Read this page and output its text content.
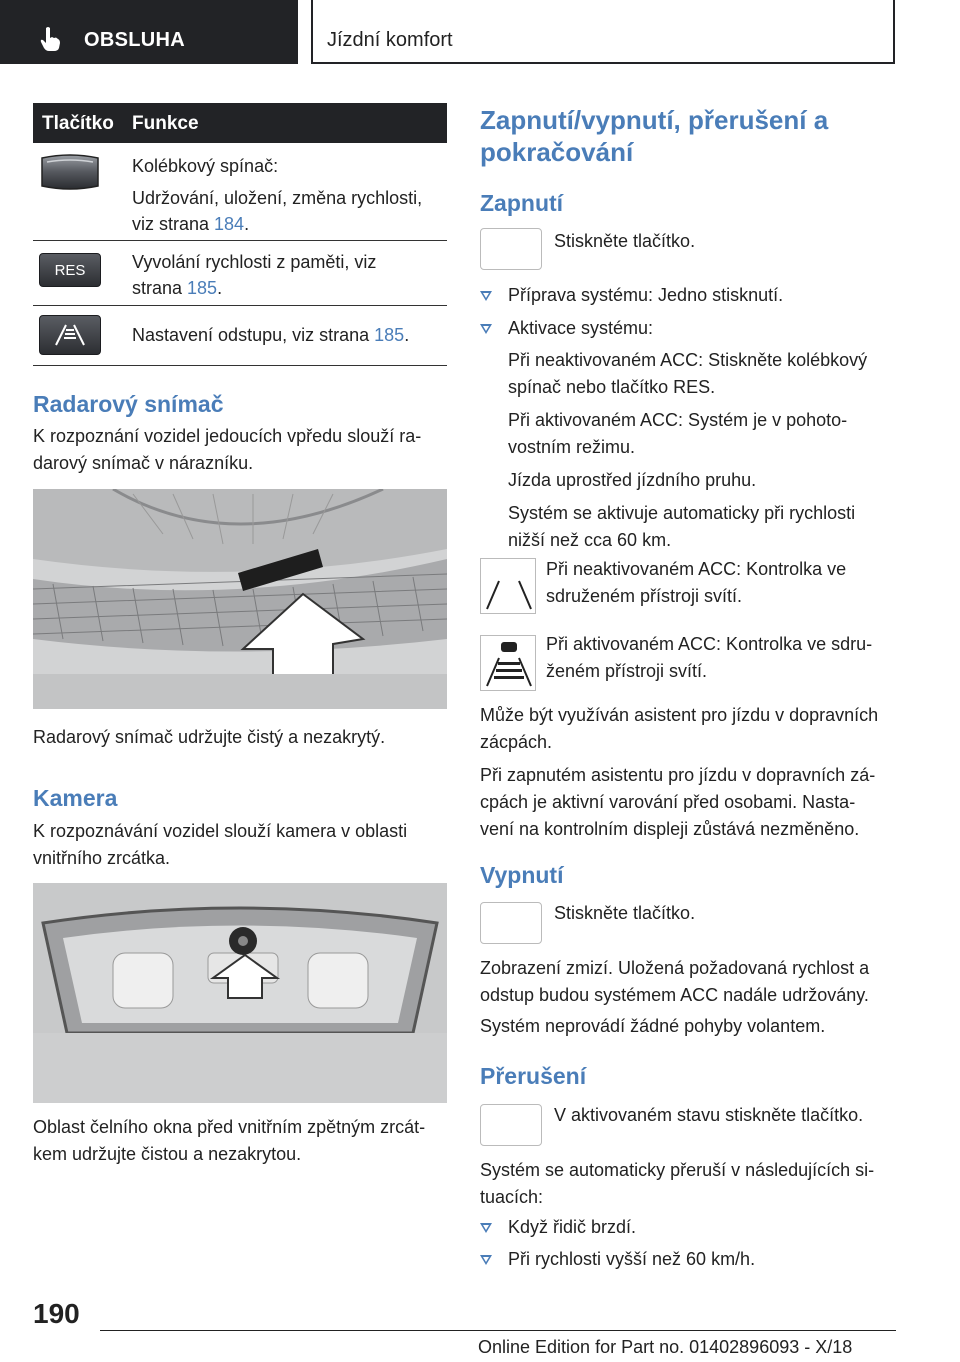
OBSLUHA	Jízdní komfort
Tlačítko Funkce
Kolébkový spínač:
Udržování, uložení, změna rychlosti,
viz strana 184.
RES	Vyvolání rychlosti z paměti, viz
strana 185.
Nastavení odstupu, viz strana 185.
Radarový snímač
K rozpoznání vozidel jedoucích vpředu slouží ra-
darový snímač v nárazníku.
Radarový snímač udržujte čistý a nezakrytý.
Kamera
K rozpoznávání vozidel slouží kamera v oblasti
vnitřního zrcátka.
Oblast čelního okna před vnitřním zpětným zrcát-
kem udržujte čistou a nezakrytou.
Zapnutí/vypnutí, přerušení a
pokračování
Zapnutí
Stiskněte tlačítko.
Příprava systému: Jedno stisknutí.
Aktivace systému:
Při neaktivovaném ACC: Stiskněte kolébkový
spínač nebo tlačítko RES.
Při aktivovaném ACC: Systém je v pohoto-
vostním režimu.
Jízda uprostřed jízdního pruhu.
Systém se aktivuje automaticky při rychlosti
nižší než cca 60 km.
Při neaktivovaném ACC: Kontrolka ve
sdruženém přístroji svítí.
Při aktivovaném ACC: Kontrolka ve sdru-
ženém přístroji svítí.
Může být využíván asistent pro jízdu v dopravních
zácpách.
Při zapnutém asistentu pro jízdu v dopravních zá-
cpách je aktivní varování před osobami. Nasta-
vení na kontrolním displeji zůstává nezměněno.
Vypnutí
Stiskněte tlačítko.
Zobrazení zmizí. Uložená požadovaná rychlost a
odstup budou systémem ACC nadále udržovány.
Systém neprovádí žádné pohyby volantem.
Přerušení
V aktivovaném stavu stiskněte tlačítko.
Systém se automaticky přeruší v následujících si-
tuacích:
Když řidič brzdí.
Při rychlosti vyšší než 60 km/h.
190
Online Edition for Part no. 01402896093 - X/18
